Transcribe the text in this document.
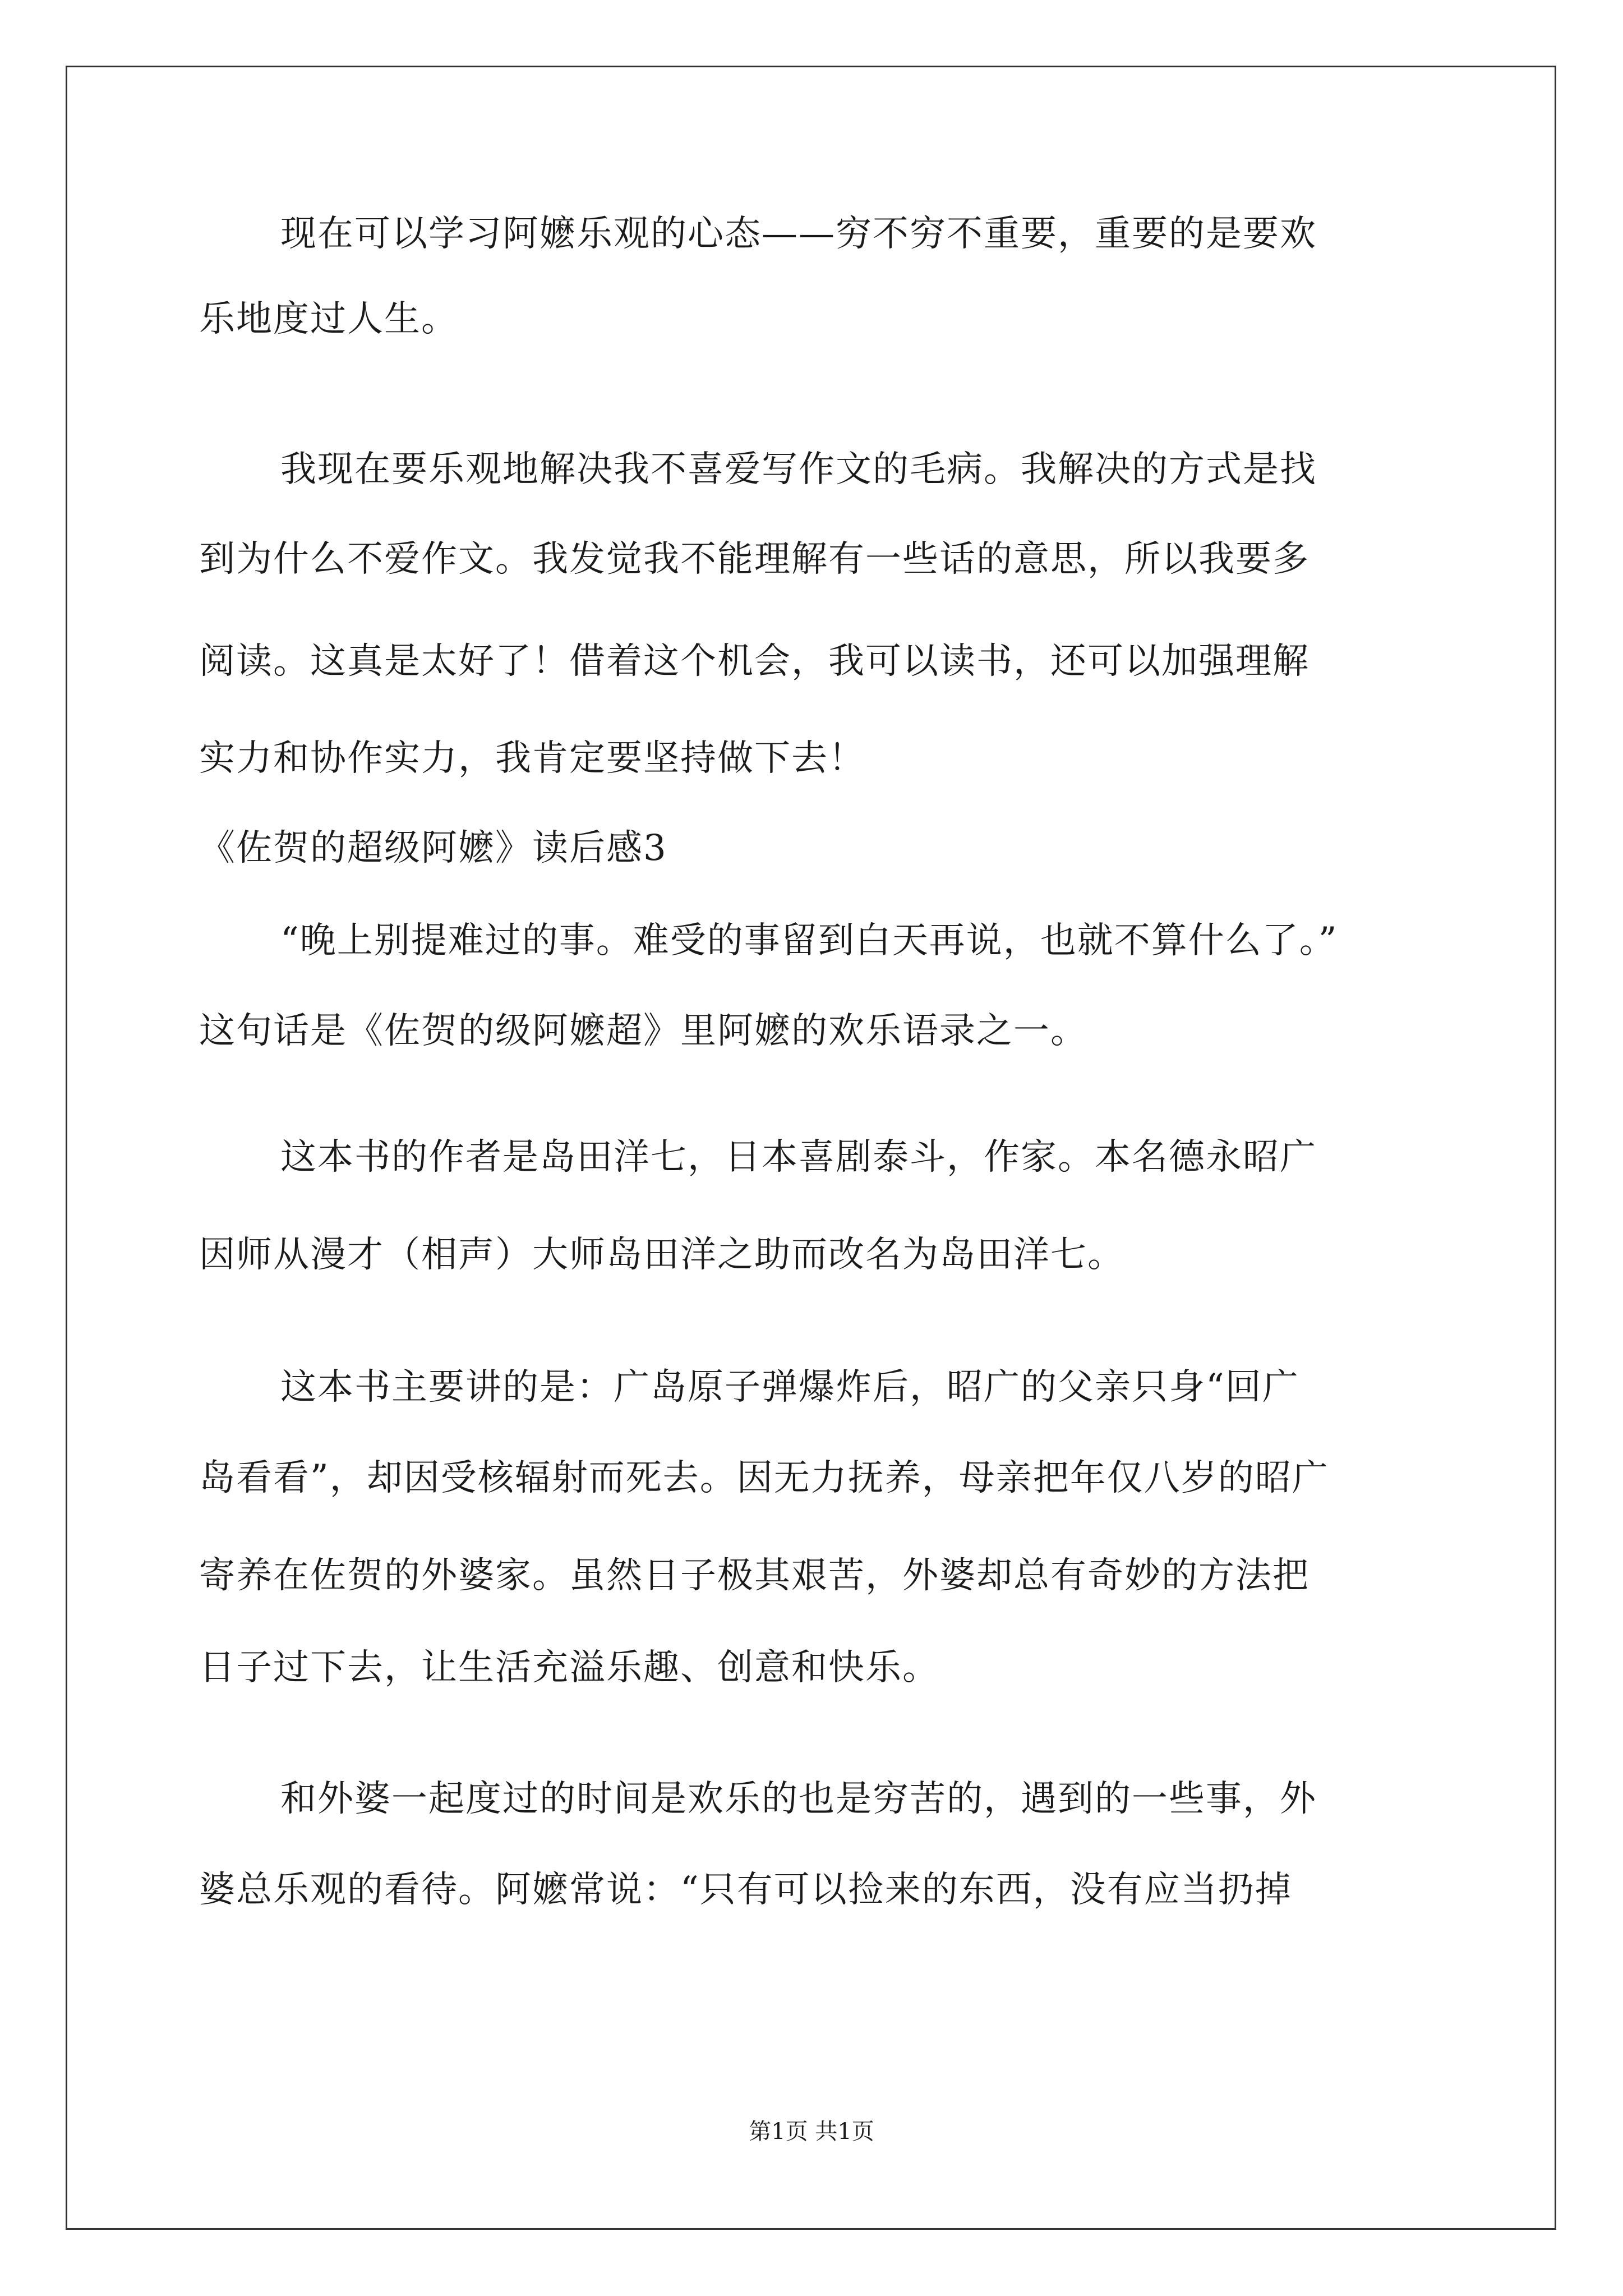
现在可以学习阿嬷乐观的心态——穷不穷不重要，重要的是要欢
乐地度过人生。
我现在要乐观地解决我不喜爱写作文的毛病。我解决的方式是找
到为什么不爱作文。我发觉我不能理解有一些话的意思，所以我要多
阅读。这真是太好了！借着这个机会，我可以读书，还可以加强理解
实力和协作实力，我肯定要坚持做下去！
《佐贺的超级阿嬷》读后感3
“晚上别提难过的事。难受的事留到白天再说，也就不算什么了。”
这句话是《佐贺的级阿嬷超》里阿嬷的欢乐语录之一。
这本书的作者是岛田洋七，日本喜剧泰斗，作家。本名德永昭广
因师从漫才（相声）大师岛田洋之助而改名为岛田洋七。
这本书主要讲的是：广岛原子弹爆炸后，昭广的父亲只身“回广
岛看看”，却因受核辐射而死去。因无力抚养，母亲把年仅八岁的昭广
寄养在佐贺的外婆家。虽然日子极其艰苦，外婆却总有奇妙的方法把
日子过下去，让生活充溢乐趣、创意和快乐。
和外婆一起度过的时间是欢乐的也是穷苦的，遇到的一些事，外
婆总乐观的看待。阿嬷常说：“只有可以捡来的东西，没有应当扔掉
第1页 共1页
